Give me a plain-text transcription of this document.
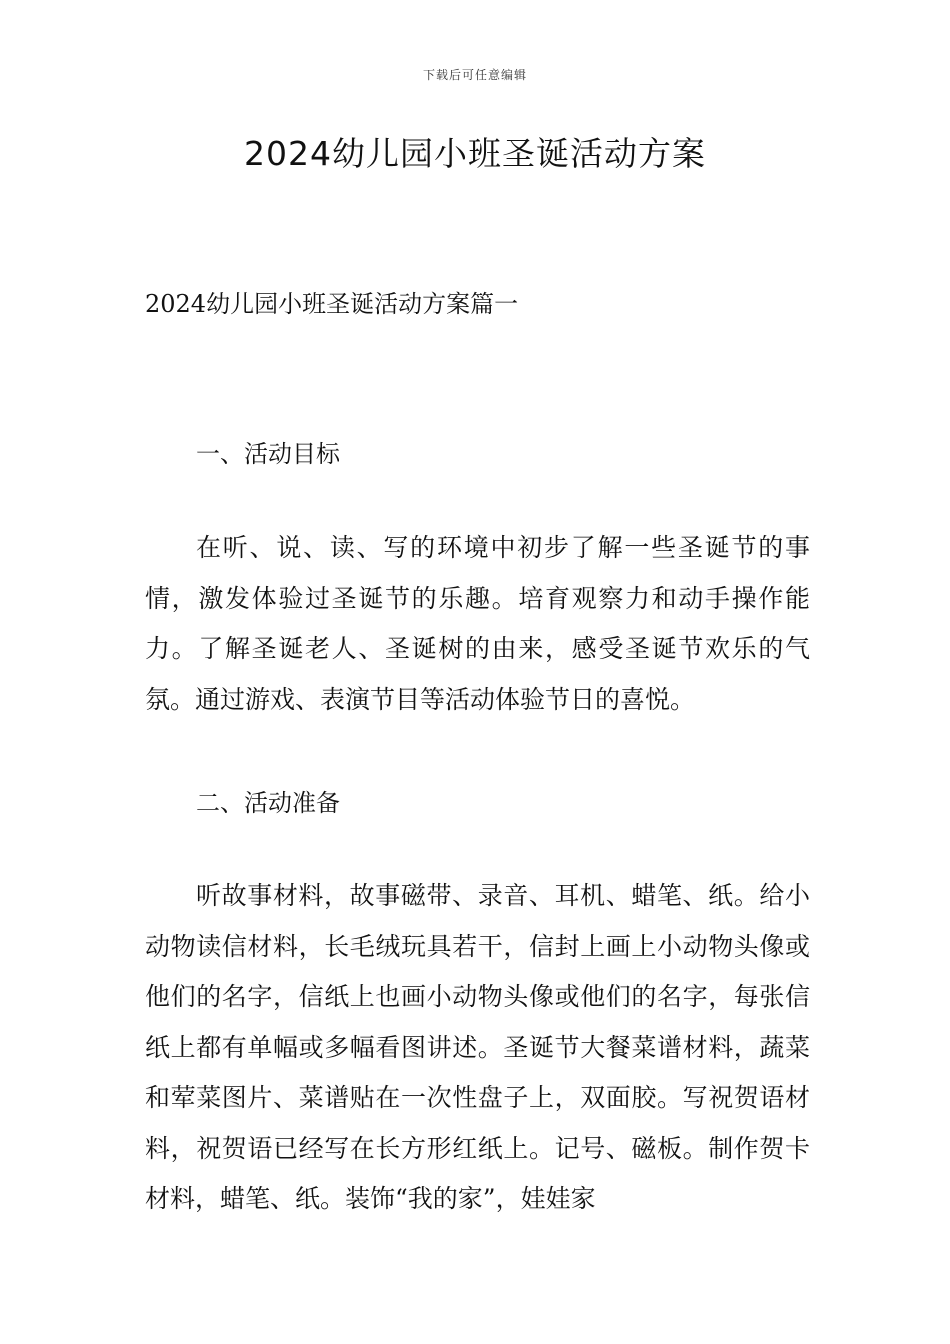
下载后可任意编辑
2024幼儿园小班圣诞活动方案
2024幼儿园小班圣诞活动方案篇一
一、活动目标

在听、说、读、写的环境中初步了解一些圣诞节的事情，激发体验过圣诞节的乐趣。培育观察力和动手操作能力。了解圣诞老人、圣诞树的由来，感受圣诞节欢乐的气氛。通过游戏、表演节目等活动体验节日的喜悦。

二、活动准备

听故事材料，故事磁带、录音、耳机、蜡笔、纸。给小动物读信材料，长毛绒玩具若干，信封上画上小动物头像或他们的名字，信纸上也画小动物头像或他们的名字，每张信纸上都有单幅或多幅看图讲述。圣诞节大餐菜谱材料，蔬菜和荤菜图片、菜谱贴在一次性盘子上，双面胶。写祝贺语材料，祝贺语已经写在长方形红纸上。记号、磁板。制作贺卡材料，蜡笔、纸。装饰“我的家”，娃娃家
